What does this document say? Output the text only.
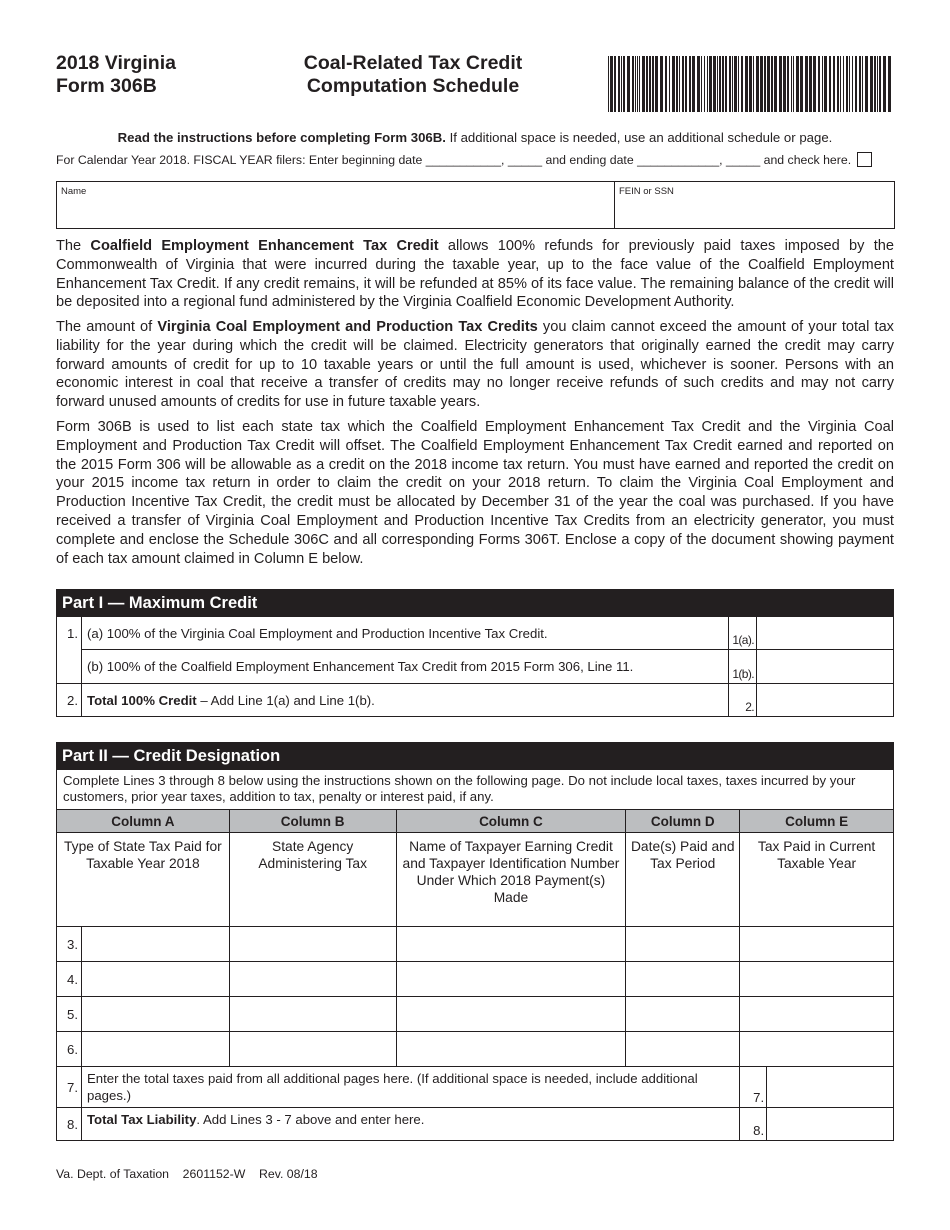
2018 Virginia
Form 306B
Coal-Related Tax Credit
Computation Schedule
Read the instructions before completing Form 306B. If additional space is needed, use an additional schedule or page.
For Calendar Year 2018. FISCAL YEAR filers: Enter beginning date ___________, _____ and ending date ____________, _____ and check here.
Name	FEIN or SSN
The Coalfield Employment Enhancement Tax Credit allows 100% refunds for previously paid taxes imposed by the Commonwealth of Virginia that were incurred during the taxable year, up to the face value of the Coalfield Employment Enhancement Tax Credit. If any credit remains, it will be refunded at 85% of its face value. The remaining balance of the credit will be deposited into a regional fund administered by the Virginia Coalfield Economic Development Authority.
The amount of Virginia Coal Employment and Production Tax Credits you claim cannot exceed the amount of your total tax liability for the year during which the credit will be claimed. Electricity generators that originally earned the credit may carry forward amounts of credit for up to 10 taxable years or until the full amount is used, whichever is sooner. Persons with an economic interest in coal that receive a transfer of credits may no longer receive refunds of such credits and may not carry forward unused amounts of credits for use in future taxable years.
Form 306B is used to list each state tax which the Coalfield Employment Enhancement Tax Credit and the Virginia Coal Employment and Production Tax Credit will offset. The Coalfield Employment Enhancement Tax Credit earned and reported on the 2015 Form 306 will be allowable as a credit on the 2018 income tax return. You must have earned and reported the credit on your 2015 income tax return in order to claim the credit on your 2018 return. To claim the Virginia Coal Employment and Production Incentive Tax Credit, the credit must be allocated by December 31 of the year the coal was purchased. If you have received a transfer of Virginia Coal Employment and Production Incentive Tax Credits from an electricity generator, you must complete and enclose the Schedule 306C and all corresponding Forms 306T. Enclose a copy of the document showing payment of each tax amount claimed in Column E below.
Part I — Maximum Credit
1.	(a) 100% of the Virginia Coal Employment and Production Incentive Tax Credit.	1(a).	
	(b) 100% of the Coalfield Employment Enhancement Tax Credit from 2015 Form 306, Line 11.	1(b).	
2.	Total 100% Credit – Add Line 1(a) and Line 1(b).	2.	
Part II — Credit Designation
Complete Lines 3 through 8 below using the instructions shown on the following page. Do not include local taxes, taxes incurred by your customers, prior year taxes, addition to tax, penalty or interest paid, if any.						
Column A		Column B	Column C	Column D	Column E	
Type of State Tax Paid for Taxable Year 2018		State Agency Administering Tax	Name of Taxpayer Earning Credit and Taxpayer Identification Number Under Which 2018 Payment(s) Made	Date(s) Paid and Tax Period	Tax Paid in Current Taxable Year	
3.						
4.						
5.						
6.						
7.	Enter the total taxes paid from all additional pages here. (If additional space is needed, include additional pages.)				7.	
8.	Total Tax Liability. Add Lines 3 - 7 above and enter here.				8.	
Va. Dept. of Taxation    2601152-W    Rev. 08/18
